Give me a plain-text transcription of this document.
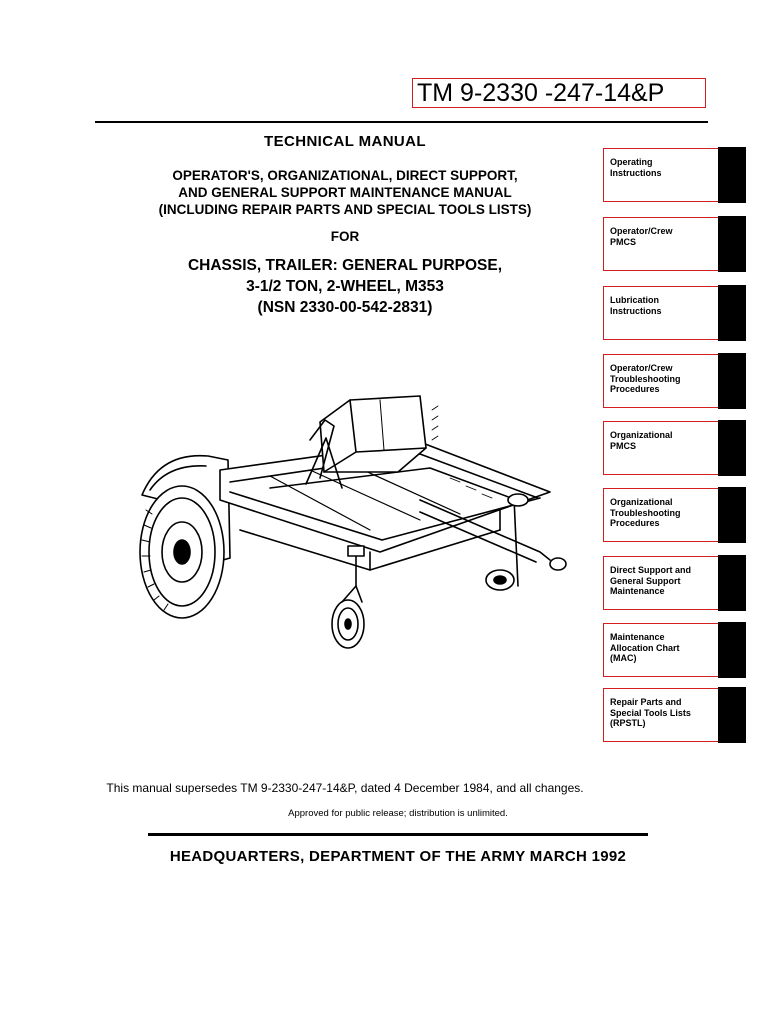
TM 9-2330 -247-14&P
TECHNICAL MANUAL
OPERATOR'S, ORGANIZATIONAL, DIRECT SUPPORT,
AND GENERAL SUPPORT MAINTENANCE MANUAL
(INCLUDING REPAIR PARTS AND SPECIAL TOOLS LISTS)
FOR
CHASSIS, TRAILER: GENERAL PURPOSE,
3-1/2 TON, 2-WHEEL, M353
(NSN 2330-00-542-2831)
Operating
Instructions
Operator/Crew
PMCS
Lubrication
Instructions
Operator/Crew
Troubleshooting
Procedures
Organizational
PMCS
Organizational
Troubleshooting
Procedures
Direct Support and
General Support
Maintenance
Maintenance
Allocation Chart
(MAC)
Repair Parts and
Special Tools Lists
(RPSTL)
This manual supersedes TM 9-2330-247-14&P, dated 4 December 1984, and all changes.
Approved for public release; distribution is unlimited.
HEADQUARTERS, DEPARTMENT OF THE ARMY MARCH 1992
